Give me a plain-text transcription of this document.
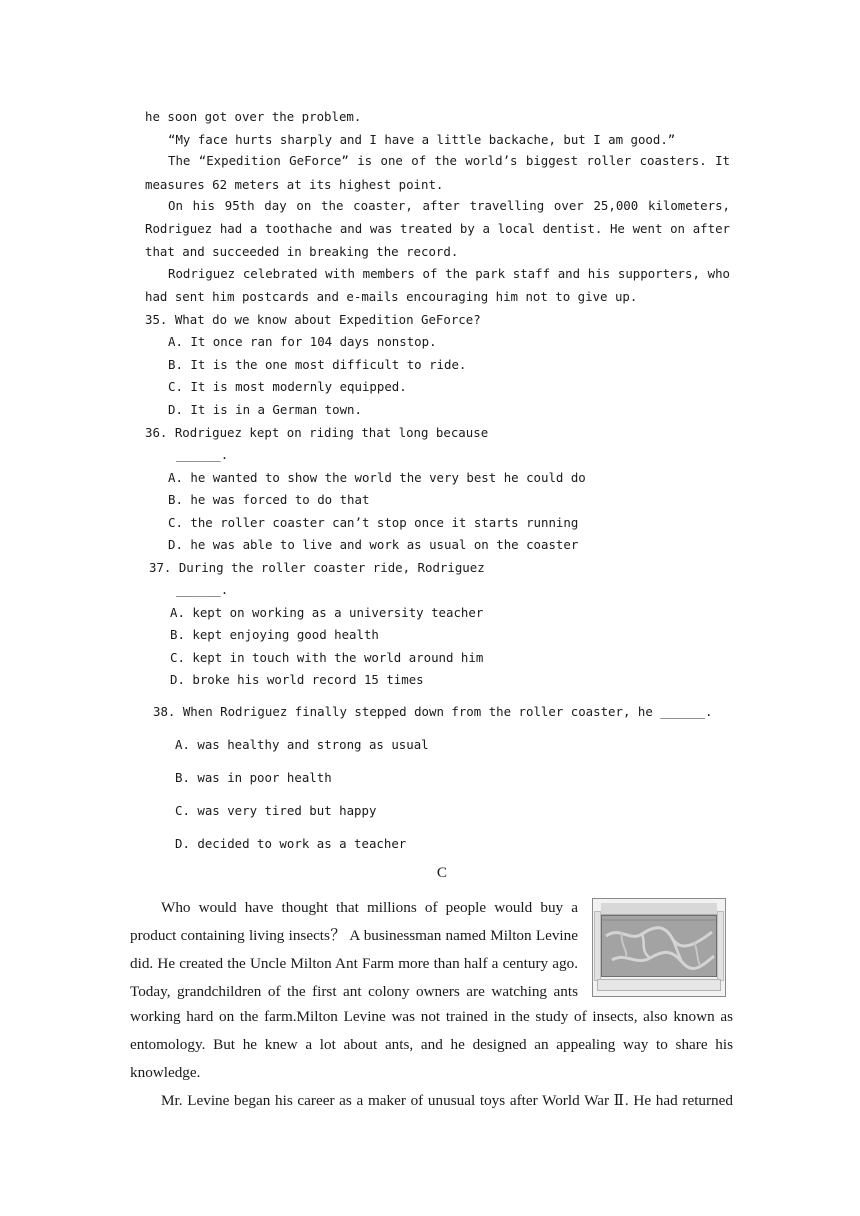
he soon got over the problem.
“My face hurts sharply and I have a little backache, but I am good.”
The “Expedition GeForce” is one of the world’s biggest roller coasters. It
measures 62 meters at its highest point.
On his 95th day on the coaster, after travelling over 25,000 kilometers,
Rodriguez had a toothache and was treated by a local dentist. He went on after
that and succeeded in breaking the record.
Rodriguez celebrated with members of the park staff and his supporters, who
had sent him postcards and e-mails encouraging him not to give up.
35. What do we know about Expedition GeForce?
A. It once ran for 104 days nonstop.
B. It is the one most difficult to ride.
C. It is most modernly equipped.
D. It is in a German town.
36. Rodriguez kept on riding that long because
______.
A. he wanted to show the world the very best he could do
B. he was forced to do that
C. the roller coaster can’t stop once it starts running
D. he was able to live and work as usual on the coaster
37. During the roller coaster ride, Rodriguez
______.
A. kept on working as a university teacher
B. kept enjoying good health
C. kept in touch with the world around him
D. broke his world record 15 times
38. When Rodriguez finally stepped down from the roller coaster, he ______.
A. was healthy and strong as usual
B. was in poor health
C. was very tired but happy
D. decided to work as a teacher
C
Who would have thought that millions of people would buy a
product containing living insects？ A businessman named Milton Levine
did. He created the Uncle Milton Ant Farm more than half a century ago.
Today, grandchildren of the first ant colony owners are watching ants
working hard on the farm.Milton Levine was not trained in the study of insects, also known as
entomology. But he knew a lot about ants, and he designed an appealing way to share his
knowledge.
Mr. Levine began his career as a maker of unusual toys after World War Ⅱ. He had returned
